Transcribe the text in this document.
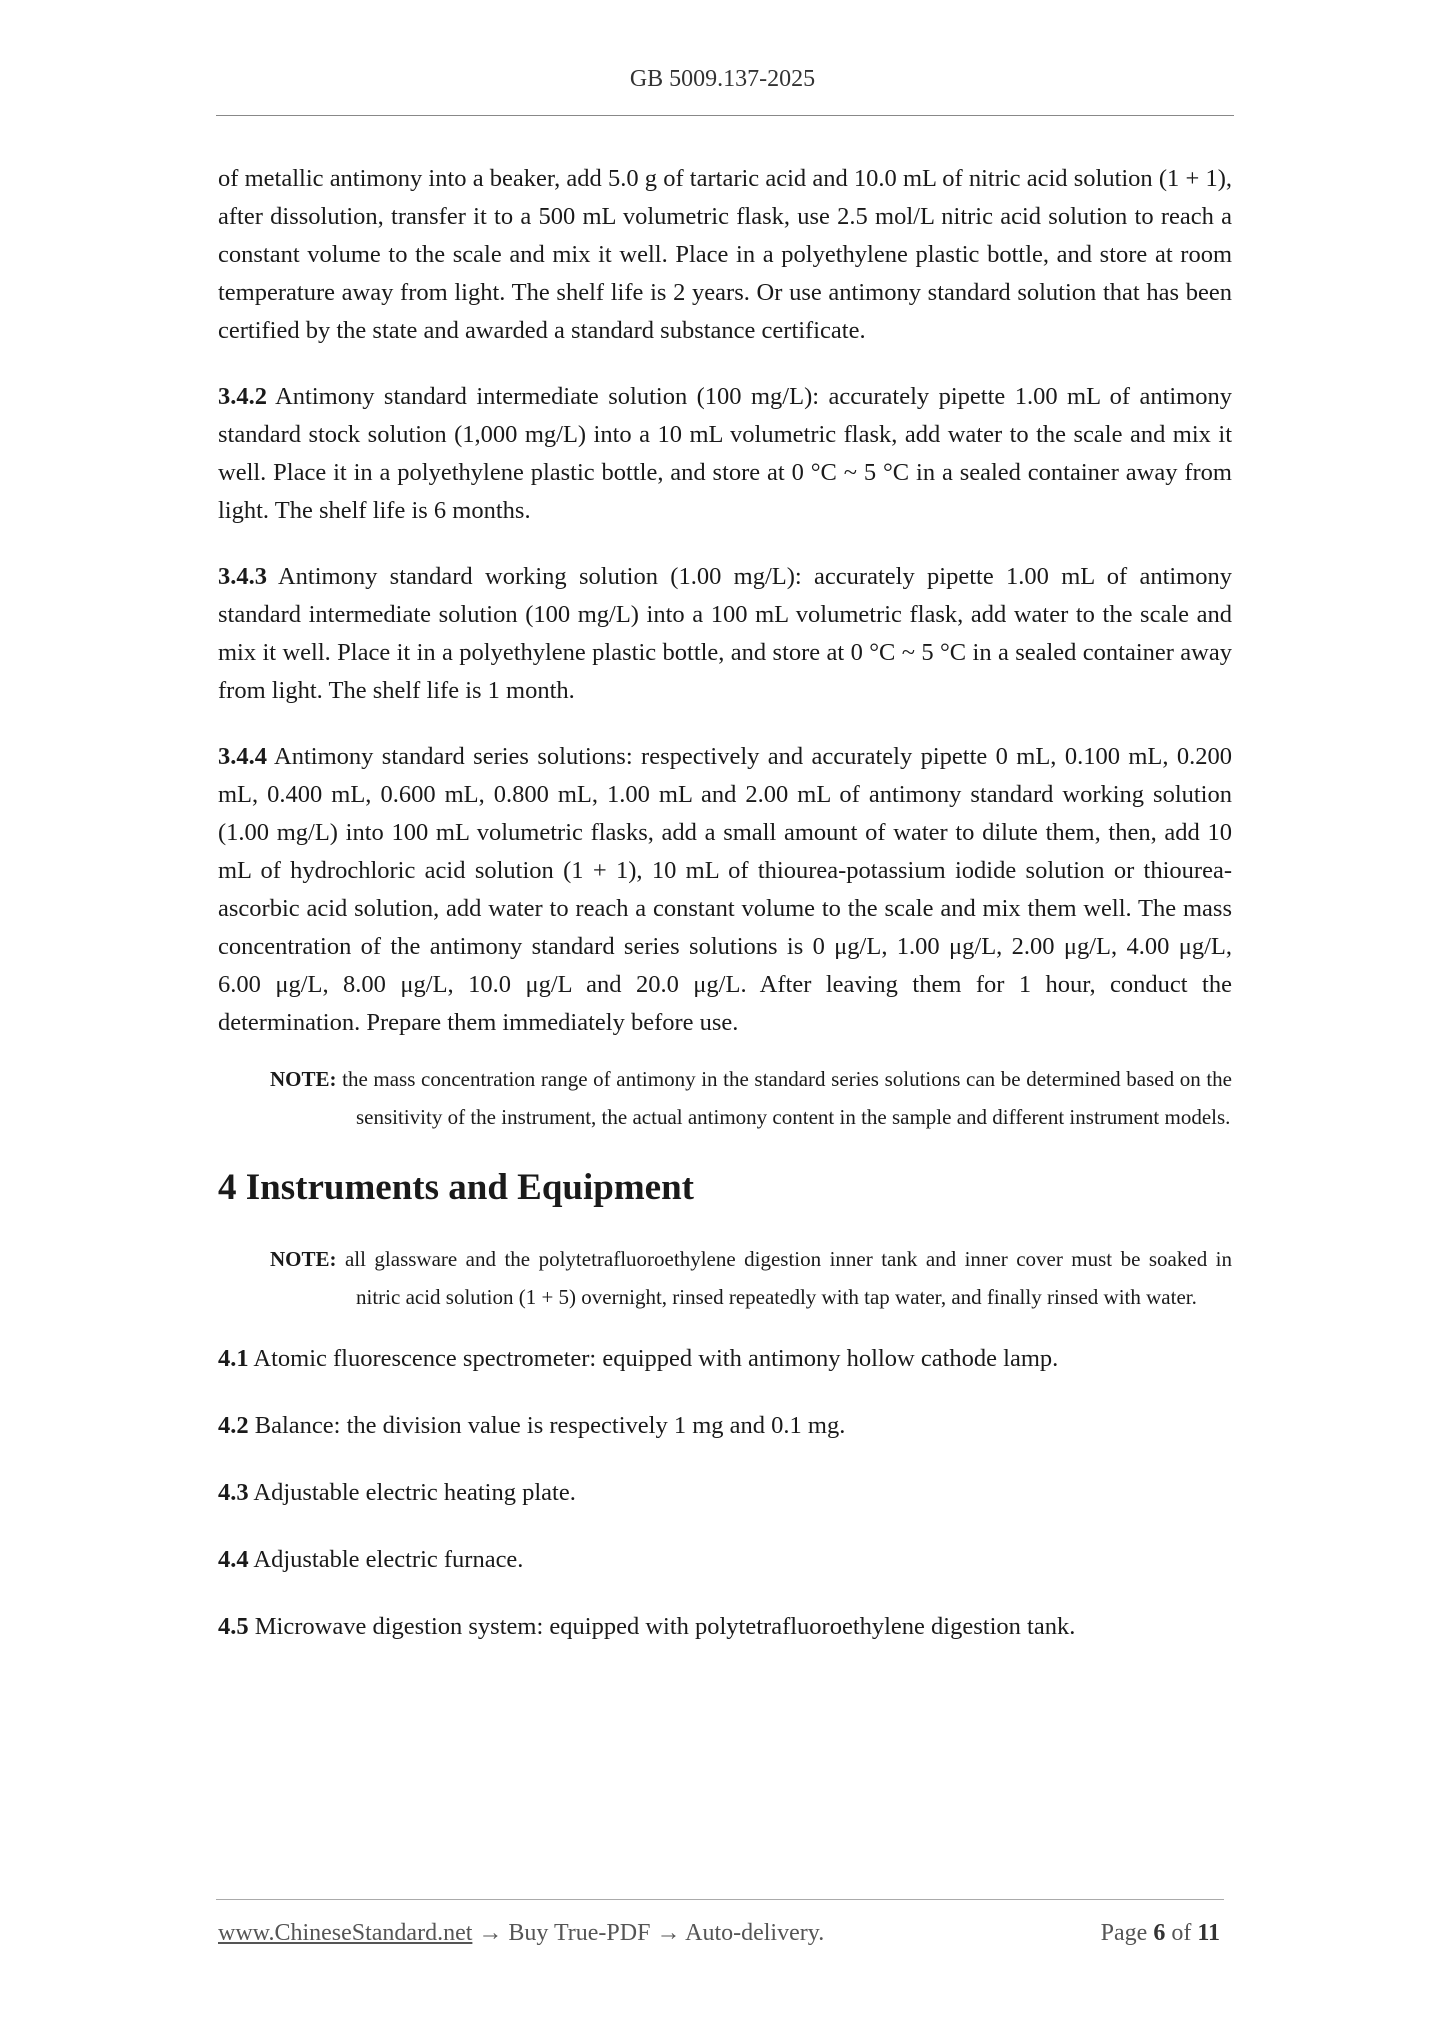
GB 5009.137-2025

of metallic antimony into a beaker, add 5.0 g of tartaric acid and 10.0 mL of nitric acid solution (1 + 1), after dissolution, transfer it to a 500 mL volumetric flask, use 2.5 mol/L nitric acid solution to reach a constant volume to the scale and mix it well. Place in a polyethylene plastic bottle, and store at room temperature away from light. The shelf life is 2 years. Or use antimony standard solution that has been certified by the state and awarded a standard substance certificate.

3.4.2 Antimony standard intermediate solution (100 mg/L): accurately pipette 1.00 mL of antimony standard stock solution (1,000 mg/L) into a 10 mL volumetric flask, add water to the scale and mix it well. Place it in a polyethylene plastic bottle, and store at 0 °C ~ 5 °C in a sealed container away from light. The shelf life is 6 months.

3.4.3 Antimony standard working solution (1.00 mg/L): accurately pipette 1.00 mL of antimony standard intermediate solution (100 mg/L) into a 100 mL volumetric flask, add water to the scale and mix it well. Place it in a polyethylene plastic bottle, and store at 0 °C ~ 5 °C in a sealed container away from light. The shelf life is 1 month.

3.4.4 Antimony standard series solutions: respectively and accurately pipette 0 mL, 0.100 mL, 0.200 mL, 0.400 mL, 0.600 mL, 0.800 mL, 1.00 mL and 2.00 mL of antimony standard working solution (1.00 mg/L) into 100 mL volumetric flasks, add a small amount of water to dilute them, then, add 10 mL of hydrochloric acid solution (1 + 1), 10 mL of thiourea-potassium iodide solution or thiourea-ascorbic acid solution, add water to reach a constant volume to the scale and mix them well. The mass concentration of the antimony standard series solutions is 0 μg/L, 1.00 μg/L, 2.00 μg/L, 4.00 μg/L, 6.00 μg/L, 8.00 μg/L, 10.0 μg/L and 20.0 μg/L. After leaving them for 1 hour, conduct the determination. Prepare them immediately before use.

NOTE: the mass concentration range of antimony in the standard series solutions can be determined based on the sensitivity of the instrument, the actual antimony content in the sample and different instrument models.

4 Instruments and Equipment

NOTE: all glassware and the polytetrafluoroethylene digestion inner tank and inner cover must be soaked in nitric acid solution (1 + 5) overnight, rinsed repeatedly with tap water, and finally rinsed with water.

4.1 Atomic fluorescence spectrometer: equipped with antimony hollow cathode lamp.

4.2 Balance: the division value is respectively 1 mg and 0.1 mg.

4.3 Adjustable electric heating plate.

4.4 Adjustable electric furnace.

4.5 Microwave digestion system: equipped with polytetrafluoroethylene digestion tank.

www.ChineseStandard.net → Buy True-PDF → Auto-delivery.	Page 6 of 11
